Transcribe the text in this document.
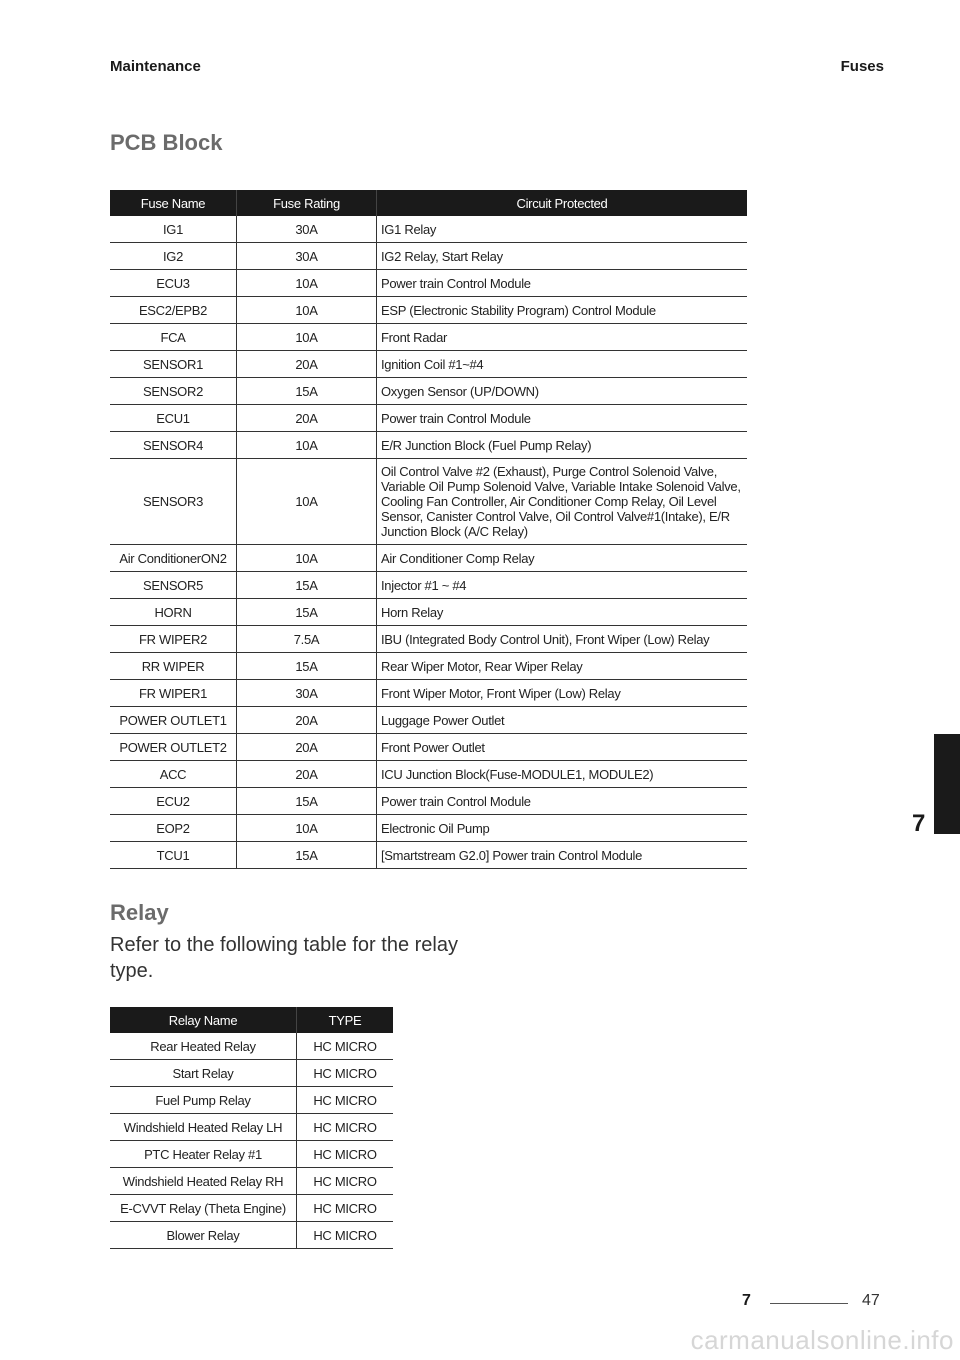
Maintenance	Fuses
PCB Block
Fuse Name	Fuse Rating	Circuit Protected
IG1	30A	IG1 Relay
IG2	30A	IG2 Relay, Start Relay
ECU3	10A	Power train Control Module
ESC2/EPB2	10A	ESP (Electronic Stability Program) Control Module
FCA	10A	Front Radar
SENSOR1	20A	Ignition Coil #1~#4
SENSOR2	15A	Oxygen Sensor (UP/DOWN)
ECU1	20A	Power train Control Module
SENSOR4	10A	E/R Junction Block (Fuel Pump Relay)
SENSOR3	10A	Oil Control Valve #2 (Exhaust), Purge Control Solenoid Valve, Variable Oil Pump Solenoid Valve, Variable Intake Solenoid Valve, Cooling Fan Controller, Air Conditioner Comp Relay, Oil Level Sensor, Canister Control Valve, Oil Control Valve#1(Intake), E/R Junction Block (A/C Relay)
Air ConditionerON2	10A	Air Conditioner Comp Relay
SENSOR5	15A	Injector #1 ~ #4
HORN	15A	Horn Relay
FR WIPER2	7.5A	IBU (Integrated Body Control Unit), Front Wiper (Low) Relay
RR WIPER	15A	Rear Wiper Motor, Rear Wiper Relay
FR WIPER1	30A	Front Wiper Motor, Front Wiper (Low) Relay
POWER OUTLET1	20A	Luggage Power Outlet
POWER OUTLET2	20A	Front Power Outlet
ACC	20A	ICU Junction Block(Fuse-MODULE1, MODULE2)
ECU2	15A	Power train Control Module
EOP2	10A	Electronic Oil Pump
TCU1	15A	[Smartstream G2.0] Power train Control Module
Relay

Refer to the following table for the relay type.

Relay Name	TYPE
Rear Heated Relay	HC MICRO
Start Relay	HC MICRO
Fuel Pump Relay	HC MICRO
Windshield Heated Relay LH	HC MICRO
PTC Heater Relay #1	HC MICRO
Windshield Heated Relay RH	HC MICRO
E-CVVT Relay (Theta Engine)	HC MICRO
Blower Relay	HC MICRO
7
7	47
carmanualsonline.info
